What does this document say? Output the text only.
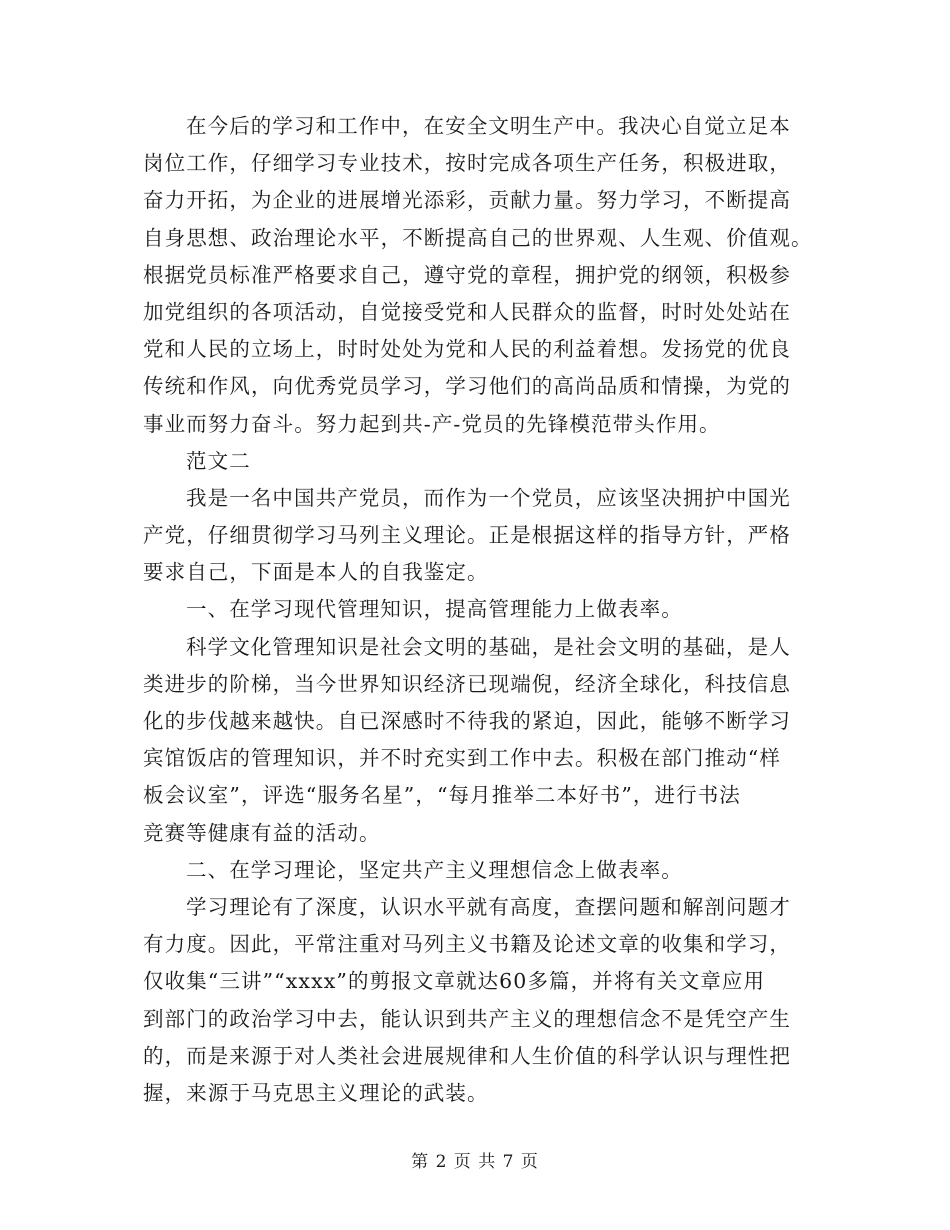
在今后的学习和工作中，在安全文明生产中。我决心自觉立足本
岗位工作，仔细学习专业技术，按时完成各项生产任务，积极进取，
奋力开拓，为企业的进展增光添彩，贡献力量。努力学习，不断提高
自身思想、政治理论水平，不断提高自己的世界观、人生观、价值观。
根据党员标准严格要求自己，遵守党的章程，拥护党的纲领，积极参
加党组织的各项活动，自觉接受党和人民群众的监督，时时处处站在
党和人民的立场上，时时处处为党和人民的利益着想。发扬党的优良
传统和作风，向优秀党员学习，学习他们的高尚品质和情操，为党的
事业而努力奋斗。努力起到共-产-党员的先锋模范带头作用。
范文二
我是一名中国共产党员，而作为一个党员，应该坚决拥护中国光
产党，仔细贯彻学习马列主义理论。正是根据这样的指导方针，严格
要求自己，下面是本人的自我鉴定。
一、在学习现代管理知识，提高管理能力上做表率。
科学文化管理知识是社会文明的基础，是社会文明的基础，是人
类进步的阶梯，当今世界知识经济已现端倪，经济全球化，科技信息
化的步伐越来越快。自已深感时不待我的紧迫，因此，能够不断学习
宾馆饭店的管理知识，并不时充实到工作中去。积极在部门推动“样
板会议室”，评选“服务名星”，“每月推举二本好书”，进行书法
竞赛等健康有益的活动。
二、在学习理论，坚定共产主义理想信念上做表率。
学习理论有了深度，认识水平就有高度，查摆问题和解剖问题才
有力度。因此，平常注重对马列主义书籍及论述文章的收集和学习，
仅收集“三讲”“xxxx”的剪报文章就达60多篇，并将有关文章应用
到部门的政治学习中去，能认识到共产主义的理想信念不是凭空产生
的，而是来源于对人类社会进展规律和人生价值的科学认识与理性把
握，来源于马克思主义理论的武装。
第 2 页 共 7 页
